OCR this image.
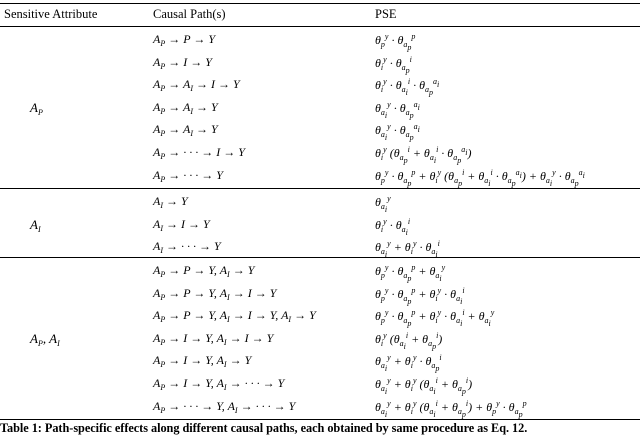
Sensitive Attribute	Causal Path(s)	PSE
Table 1: Path-specific effects along different causal paths, each obtained by same procedure as Eq. 12.
$A_P$
$A_P \to P \to Y$	$\theta_p^y \cdot \theta_{a_p}^p$
$A_P \to I \to Y$	$\theta_i^y \cdot \theta_{a_p}^i$
$A_P \to A_I \to I \to Y$	$\theta_i^y \cdot \theta_{a_i}^i \cdot \theta_{a_p}^{a_i}$
$A_P \to A_I \to Y$	$\theta_{a_i}^y \cdot \theta_{a_p}^{a_i}$
$A_P \to A_I \to Y$	$\theta_{a_i}^y \cdot \theta_{a_p}^{a_i}$
$A_P$ → · · · → I → Y	$\theta_i^y$ $(\theta_{a_p}^i + \theta_{a_i}^i \cdot \theta_{a_p}^{a_i})$
$A_P$ → · · · → Y	$\theta_p^y \cdot \theta_{a_p}^p + \theta_i^y$ $(\theta_{a_p}^i + \theta_{a_i}^i \cdot \theta_{a_p}^{a_i}) + \theta_{a_i}^y \cdot \theta_{a_p}^{a_i}$
$A_I$
$A_I \to Y$	$\theta_{a_i}^y$
$A_I \to I \to Y$	$\theta_i^y \cdot \theta_{a_i}^i$
$A_I$ → · · · → Y	$\theta_{a_i}^y + \theta_i^y \cdot \theta_{a_i}^i$
$A_P$, $A_I$
$A_P \to P \to Y$, $A_I \to Y$	$\theta_p^y \cdot \theta_{a_p}^p + \theta_{a_i}^y$
$A_P \to P \to Y$, $A_I \to I \to Y$	$\theta_p^y \cdot \theta_{a_p}^p + \theta_i^y \cdot \theta_{a_i}^i$
$A_P \to P \to Y$, $A_I \to I \to Y$, $A_I \to Y$	$\theta_p^y \cdot \theta_{a_p}^p + \theta_i^y \cdot \theta_{a_i}^i + \theta_{a_i}^y$
$A_P \to I \to Y$, $A_I \to I \to Y$	$\theta_i^y$ $(\theta_{a_i}^i + \theta_{a_p}^i)$
$A_P \to I \to Y$, $A_I \to Y$	$\theta_{a_i}^y + \theta_i^y \cdot \theta_{a_p}^i$
$A_P \to I \to Y$, $A_I$ → · · · → Y	$\theta_{a_i}^y + \theta_i^y$ $(\theta_{a_i}^i + \theta_{a_p}^i)$
$A_P$ → · · · → Y, $A_I$ → · · · → Y	$\theta_{a_i}^y + \theta_i^y$ $(\theta_{a_i}^i + \theta_{a_p}^i) + \theta_p^y \cdot \theta_{a_p}^p$
